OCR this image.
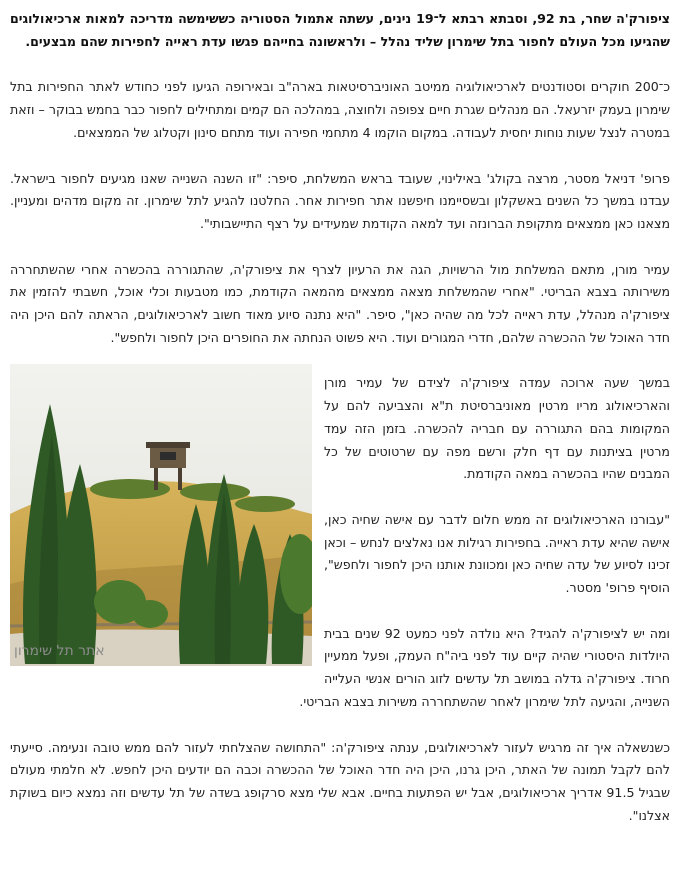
ציפורק'ה שחר, בת 92, וסבתא רבתא ל־19 נינים, עשתה אתמול הסטוריה כששימשה מדריכה למאות ארכיאולוגים שהגיעו מכל העולם לחפור בתל שימרון שליד נהלל – ולראשונה בחייהם פגשו עדת ראייה לחפירות שהם מבצעים.

כ־200 חוקרים וסטודנטים לארכיאולוגיה ממיטב האוניברסיטאות בארה"ב ובאירופה הגיעו לפני כחודש לאתר החפירות בתל שימרון בעמק יזרעאל. הם מנהלים שגרת חיים צפופה ולחוצה, במהלכה הם קמים ומתחילים לחפור כבר בחמש בבוקר – וזאת במטרה לנצל שעות נוחות יחסית לעבודה. במקום הוקמו 4 מתחמי חפירה ועוד מתחם סינון וקטלוג של הממצאים.

פרופ' דניאל מסטר, מרצה בקולג' באילינוי, שעובד בראש המשלחת, סיפר: "זו השנה השנייה שאנו מגיעים לחפור בישראל. עבדנו במשך כל השנים באשקלון ובשסיימנו חיפשנו אתר חפירות אחר. החלטנו להגיע לתל שימרון. זה מקום מדהים ומעניין. מצאנו כאן ממצאים מתקופת הברונזה ועד למאה הקודמת שמעידים על רצף התיישבותי".

עמיר מורן, מתאם המשלחת מול הרשויות, הגה את הרעיון לצרף את ציפורק'ה, שהתגוררה בהכשרה אחרי שהשתחררה משירותה בצבא הבריטי. "אחרי שהמשלחת מצאה ממצאים מהמאה הקודמת, כמו מטבעות וכלי אוכל, חשבתי להזמין את ציפורק'ה מנהלל, עדת ראייה לכל מה שהיה כאן", סיפר. "היא נתנה סיוע מאוד חשוב לארכיאולוגים, הראתה להם היכן היה חדר האוכל של ההכשרה שלהם, חדרי המגורים ועוד. היא פשוט הנחתה את החופרים היכן לחפור ולחפש".

אתר תל שימרון

במשך שעה ארוכה עמדה ציפורק'ה לצידם של עמיר מורן והארכיאולוג מריו מרטין מאוניברסיטת ת"א והצביעה להם על המקומות בהם התגוררה עם חבריה להכשרה. בזמן הזה עמד מרטין בציתנות עם דף חלק ורשם מפה עם שרטוטים של כל המבנים שהיו בהכשרה במאה הקודמת.

"עבורנו הארכיאולוגים זה ממש חלום לדבר עם אישה שחיה כאן, אישה שהיא עדת ראייה. בחפירות רגילות אנו נאלצים לנחש – וכאן זכינו לסיוע של עדה שחיה כאן ומכוונת אותנו היכן לחפור ולחפש", הוסיף פרופ' מסטר.

ומה יש לציפורק'ה להגיד? היא נולדה לפני כמעט 92 שנים בבית היולדות היסטורי שהיה קיים עוד לפני ביה"ח העמק, ופעל ממעיין חרוד. ציפורק'ה גדלה במושב תל עדשים לזוג הורים אנשי העלייה השנייה, והגיעה לתל שימרון לאחר שהשתחררה משירות בצבא הבריטי.

כשנשאלה איך זה מרגיש לעזור לארכיאולוגים, ענתה ציפורק'ה: "התחושה שהצלחתי לעזור להם ממש טובה ונעימה. סייעתי להם לקבל תמונה של האתר, היכן גרנו, היכן היה חדר האוכל של ההכשרה וכבה הם יודעים היכן לחפש. לא חלמתי מעולם שבגיל 91.5 אדריך ארכיאולוגים, אבל יש הפתעות בחיים. אבא שלי מצא סרקופג בשדה של תל עדשים וזה נמצא כיום בשוקת אצלנו".
